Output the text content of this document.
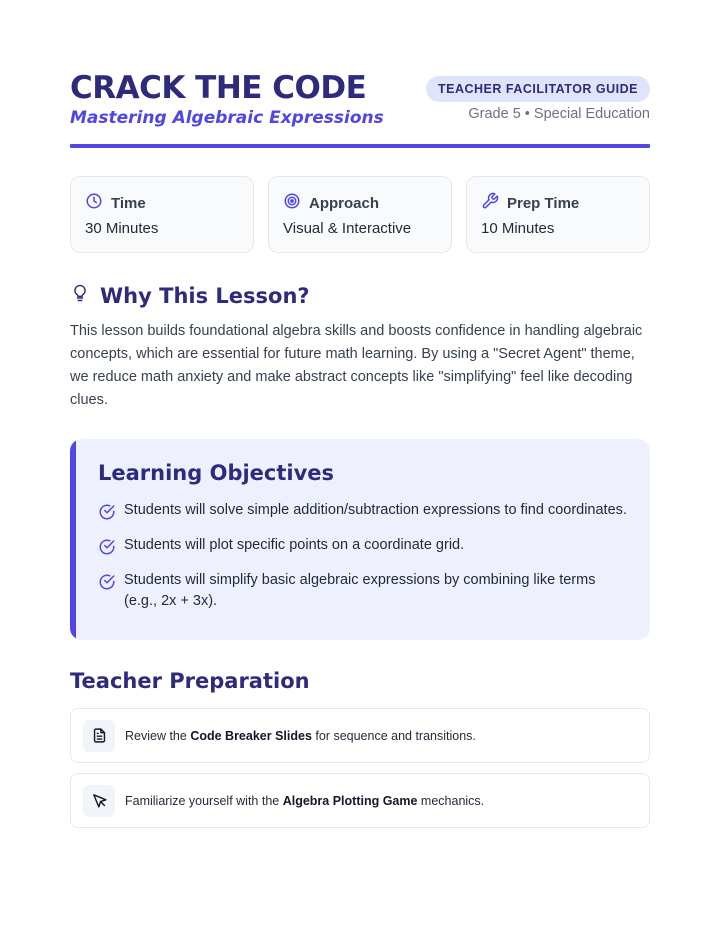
CRACK THE CODE
Mastering Algebraic Expressions
TEACHER FACILITATOR GUIDE
Grade 5 • Special Education
Time
30 Minutes
Approach
Visual & Interactive
Prep Time
10 Minutes
Why This Lesson?

This lesson builds foundational algebra skills and boosts confidence in handling algebraic concepts, which are essential for future math learning. By using a "Secret Agent" theme, we reduce math anxiety and make abstract concepts like "simplifying" feel like decoding clues.

Learning Objectives
Students will solve simple addition/subtraction expressions to find coordinates.
Students will plot specific points on a coordinate grid.
Students will simplify basic algebraic expressions by combining like terms (e.g., 2x + 3x).
Teacher Preparation
Review the Code Breaker Slides for sequence and transitions.
Familiarize yourself with the Algebra Plotting Game mechanics.
